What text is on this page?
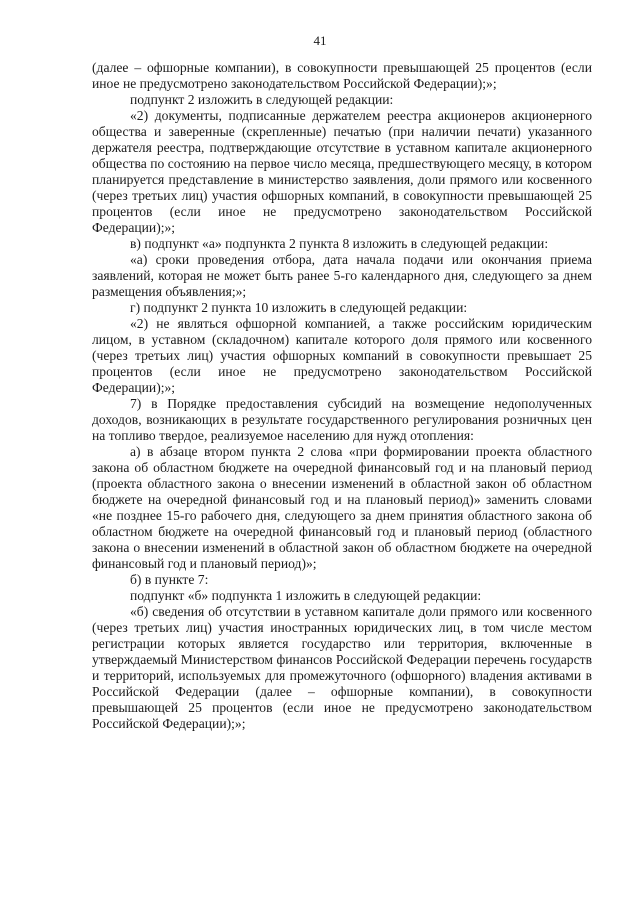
41

(далее – офшорные компании), в совокупности превышающей 25 процентов (если иное не предусмотрено законодательством Российской Федерации);»;

подпункт 2 изложить в следующей редакции:

«2) документы, подписанные держателем реестра акционеров акционерного общества и заверенные (скрепленные) печатью (при наличии печати) указанного держателя реестра, подтверждающие отсутствие в уставном капитале акционерного общества по состоянию на первое число месяца, предшествующего месяцу, в котором планируется представление в министерство заявления, доли прямого или косвенного (через третьих лиц) участия офшорных компаний, в совокупности превышающей 25 процентов (если иное не предусмотрено законодательством Российской Федерации);»;

в) подпункт «а» подпункта 2 пункта 8 изложить в следующей редакции:

«а) сроки проведения отбора, дата начала подачи или окончания приема заявлений, которая не может быть ранее 5-го календарного дня, следующего за днем размещения объявления;»;

г) подпункт 2 пункта 10 изложить в следующей редакции:

«2) не являться офшорной компанией, а также российским юридическим лицом, в уставном (складочном) капитале которого доля прямого или косвенного (через третьих лиц) участия офшорных компаний в совокупности превышает 25 процентов (если иное не предусмотрено законодательством Российской Федерации);»;

7) в Порядке предоставления субсидий на возмещение недополученных доходов, возникающих в результате государственного регулирования розничных цен на топливо твердое, реализуемое населению для нужд отопления:

а) в абзаце втором пункта 2 слова «при формировании проекта областного закона об областном бюджете на очередной финансовый год и на плановый период (проекта областного закона о внесении изменений в областной закон об областном бюджете на очередной финансовый год и на плановый период)» заменить словами «не позднее 15-го рабочего дня, следующего за днем принятия областного закона об областном бюджете на очередной финансовый год и плановый период (областного закона о внесении изменений в областной закон об областном бюджете на очередной финансовый год и плановый период)»;

б) в пункте 7:

подпункт «б» подпункта 1 изложить в следующей редакции:

«б) сведения об отсутствии в уставном капитале доли прямого или косвенного (через третьих лиц) участия иностранных юридических лиц, в том числе местом регистрации которых является государство или территория, включенные в утверждаемый Министерством финансов Российской Федерации перечень государств и территорий, используемых для промежуточного (офшорного) владения активами в Российской Федерации (далее – офшорные компании), в совокупности превышающей 25 процентов (если иное не предусмотрено законодательством Российской Федерации);»;
